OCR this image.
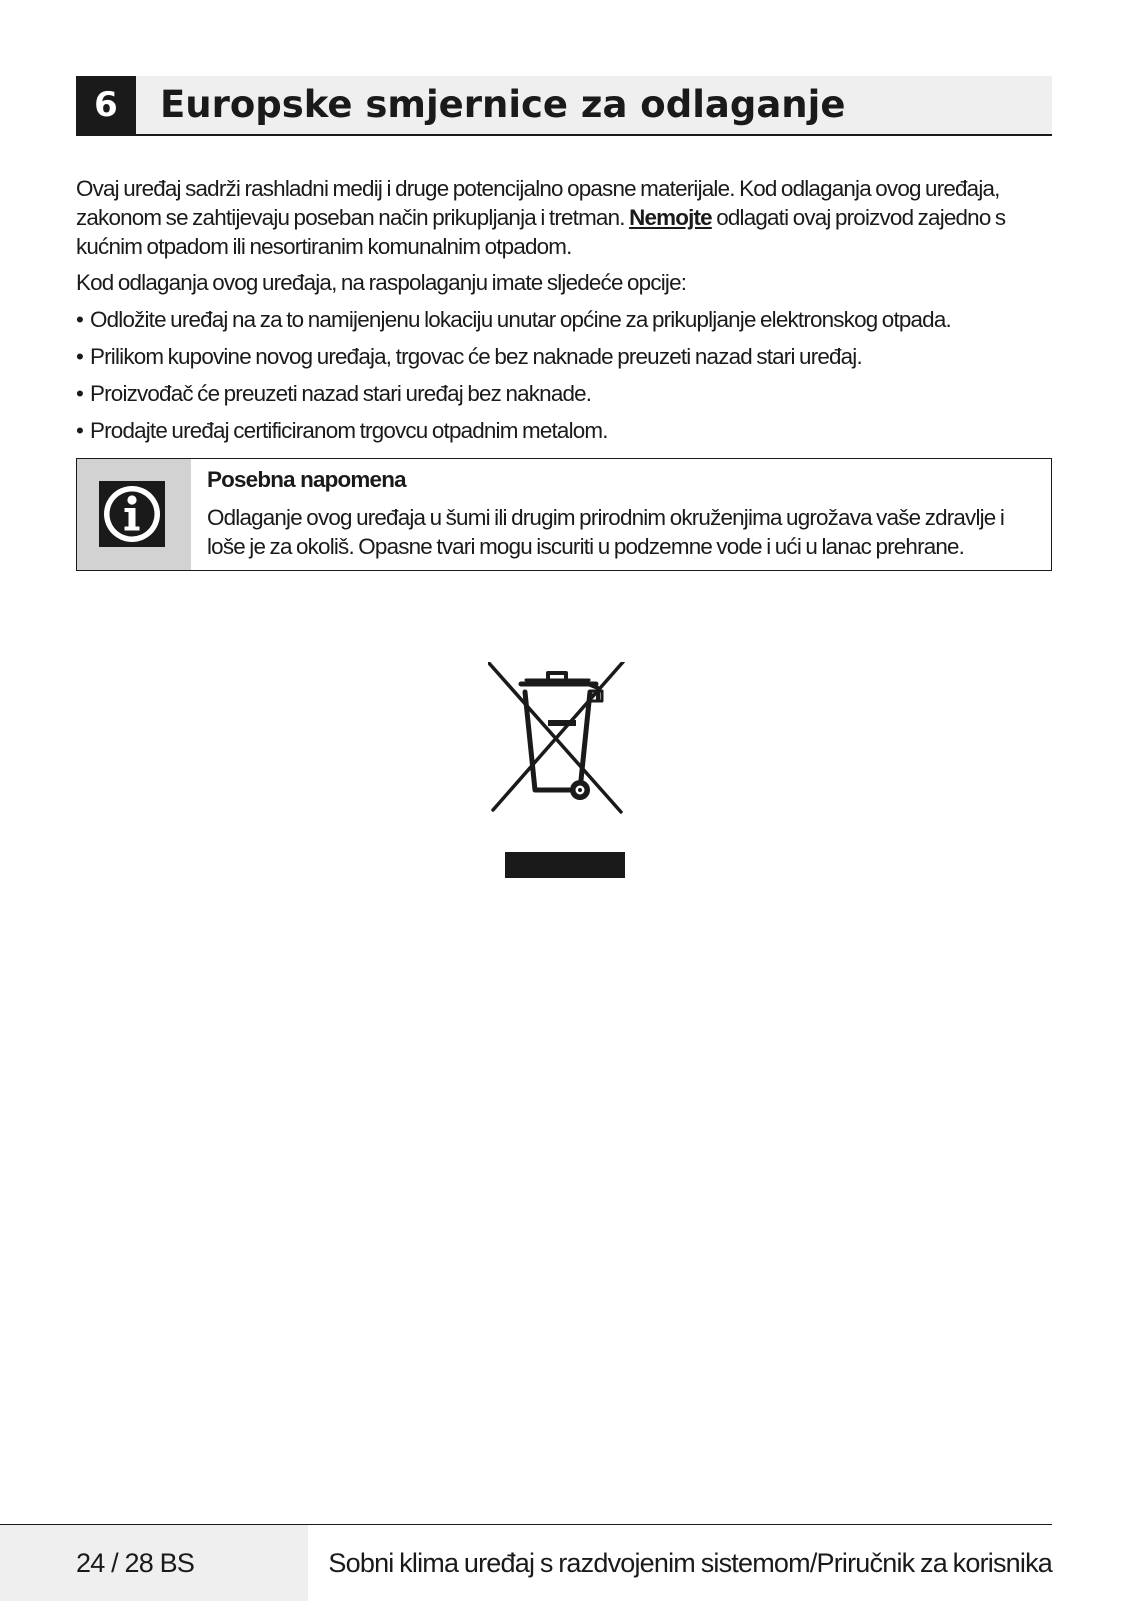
6	Europske smjernice za odlaganje

Ovaj uređaj sadrži rashladni medij i druge potencijalno opasne materijale. Kod odlaganja ovog uređaja, zakonom se zahtijevaju poseban način prikupljanja i tretman. Nemojte odlagati ovaj proizvod zajedno s kućnim otpadom ili nesortiranim komunalnim otpadom.

Kod odlaganja ovog uređaja, na raspolaganju imate sljedeće opcije:

• Odložite uređaj na za to namijenjenu lokaciju unutar općine za prikupljanje elektronskog otpada.
• Prilikom kupovine novog uređaja, trgovac će bez naknade preuzeti nazad stari uređaj.
• Proizvođač će preuzeti nazad stari uređaj bez naknade.
• Prodajte uređaj certificiranom trgovcu otpadnim metalom.

Posebna napomena

Odlaganje ovog uređaja u šumi ili drugim prirodnim okruženjima ugrožava vaše zdravlje i loše je za okoliš. Opasne tvari mogu iscuriti u podzemne vode i ući u lanac prehrane.

24 / 28 BS	Sobni klima uređaj s razdvojenim sistemom/Priručnik za korisnika
